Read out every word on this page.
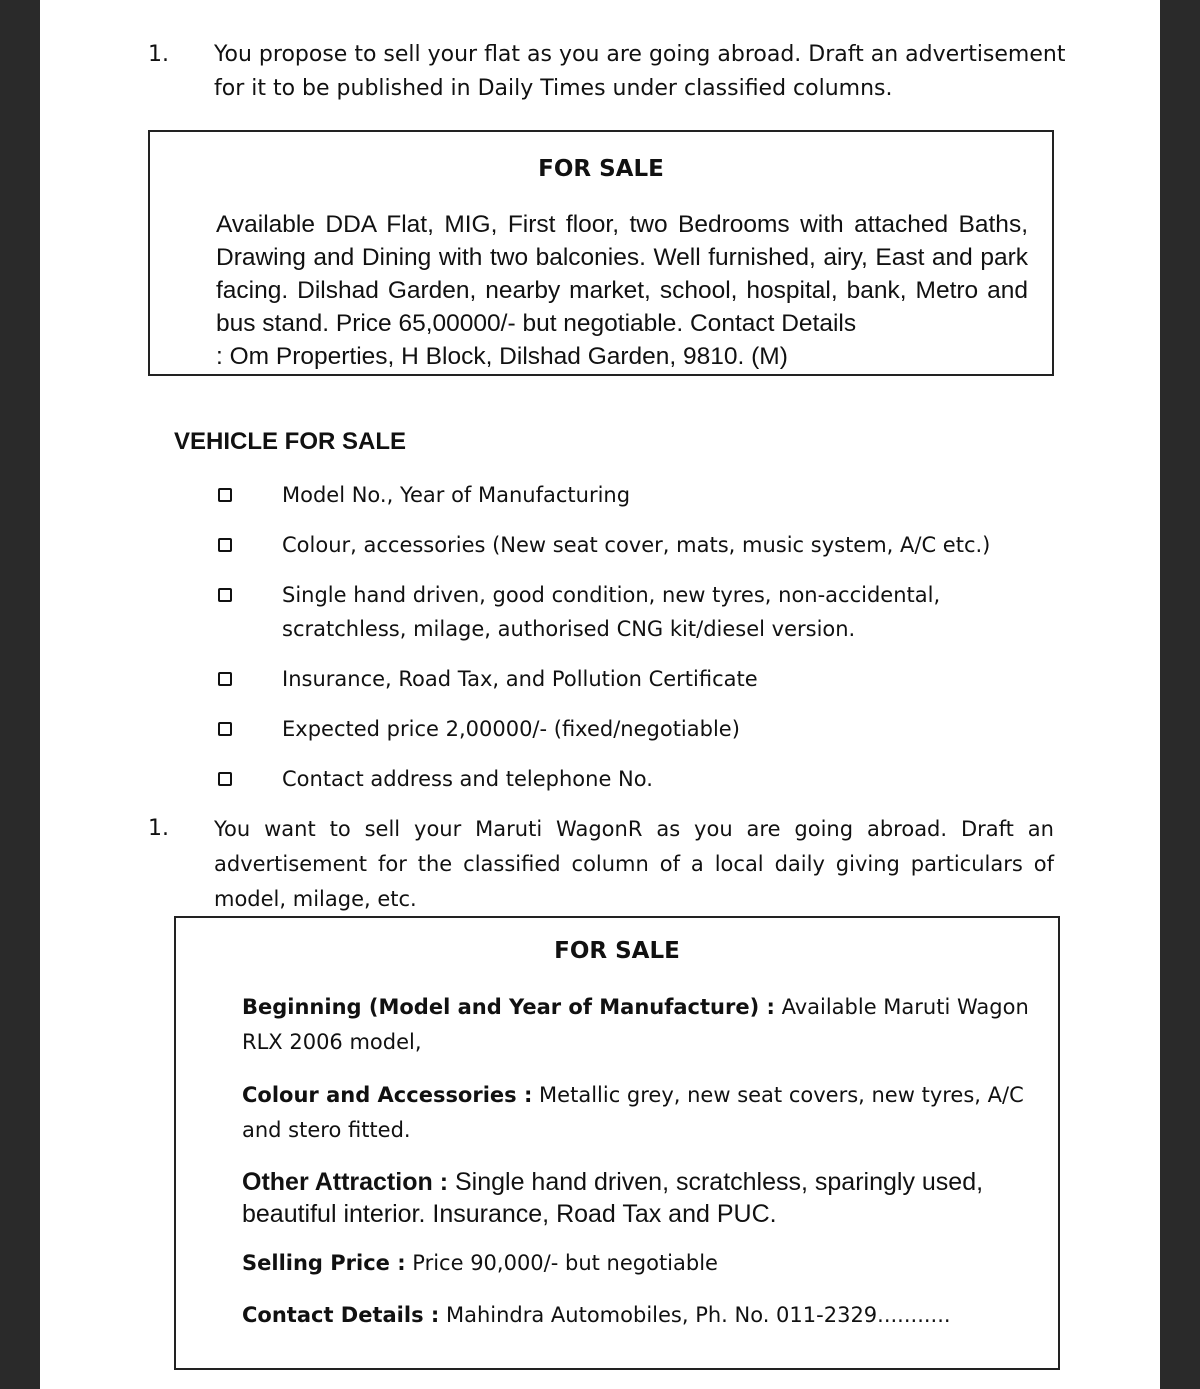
1. You propose to sell your flat as you are going abroad. Draft an advertisement
for it to be published in Daily Times under classified columns.
FOR SALE
Available DDA Flat, MIG, First floor, two Bedrooms with attached Baths, Drawing and Dining with two balconies. Well furnished, airy, East and park facing. Dilshad Garden, nearby market, school, hospital, bank, Metro and bus stand. Price 65,00000/- but negotiable. Contact Details
: Om Properties, H Block, Dilshad Garden, 9810. (M)
VEHICLE FOR SALE
Model No., Year of Manufacturing
Colour, accessories (New seat cover, mats, music system, A/C etc.)
Single hand driven, good condition, new tyres, non-accidental, scratchless, milage, authorised CNG kit/diesel version.
Insurance, Road Tax, and Pollution Certificate
Expected price 2,00000/- (fixed/negotiable)
Contact address and telephone No.
1. You want to sell your Maruti WagonR as you are going abroad. Draft an advertisement for the classified column of a local daily giving particulars of model, milage, etc.
FOR SALE
Beginning (Model and Year of Manufacture) : Available Maruti Wagon RLX 2006 model,
Colour and Accessories : Metallic grey, new seat covers, new tyres, A/C and stero fitted.
Other Attraction : Single hand driven, scratchless, sparingly used, beautiful interior. Insurance, Road Tax and PUC.
Selling Price : Price 90,000/- but negotiable
Contact Details : Mahindra Automobiles, Ph. No. 011-2329...........
